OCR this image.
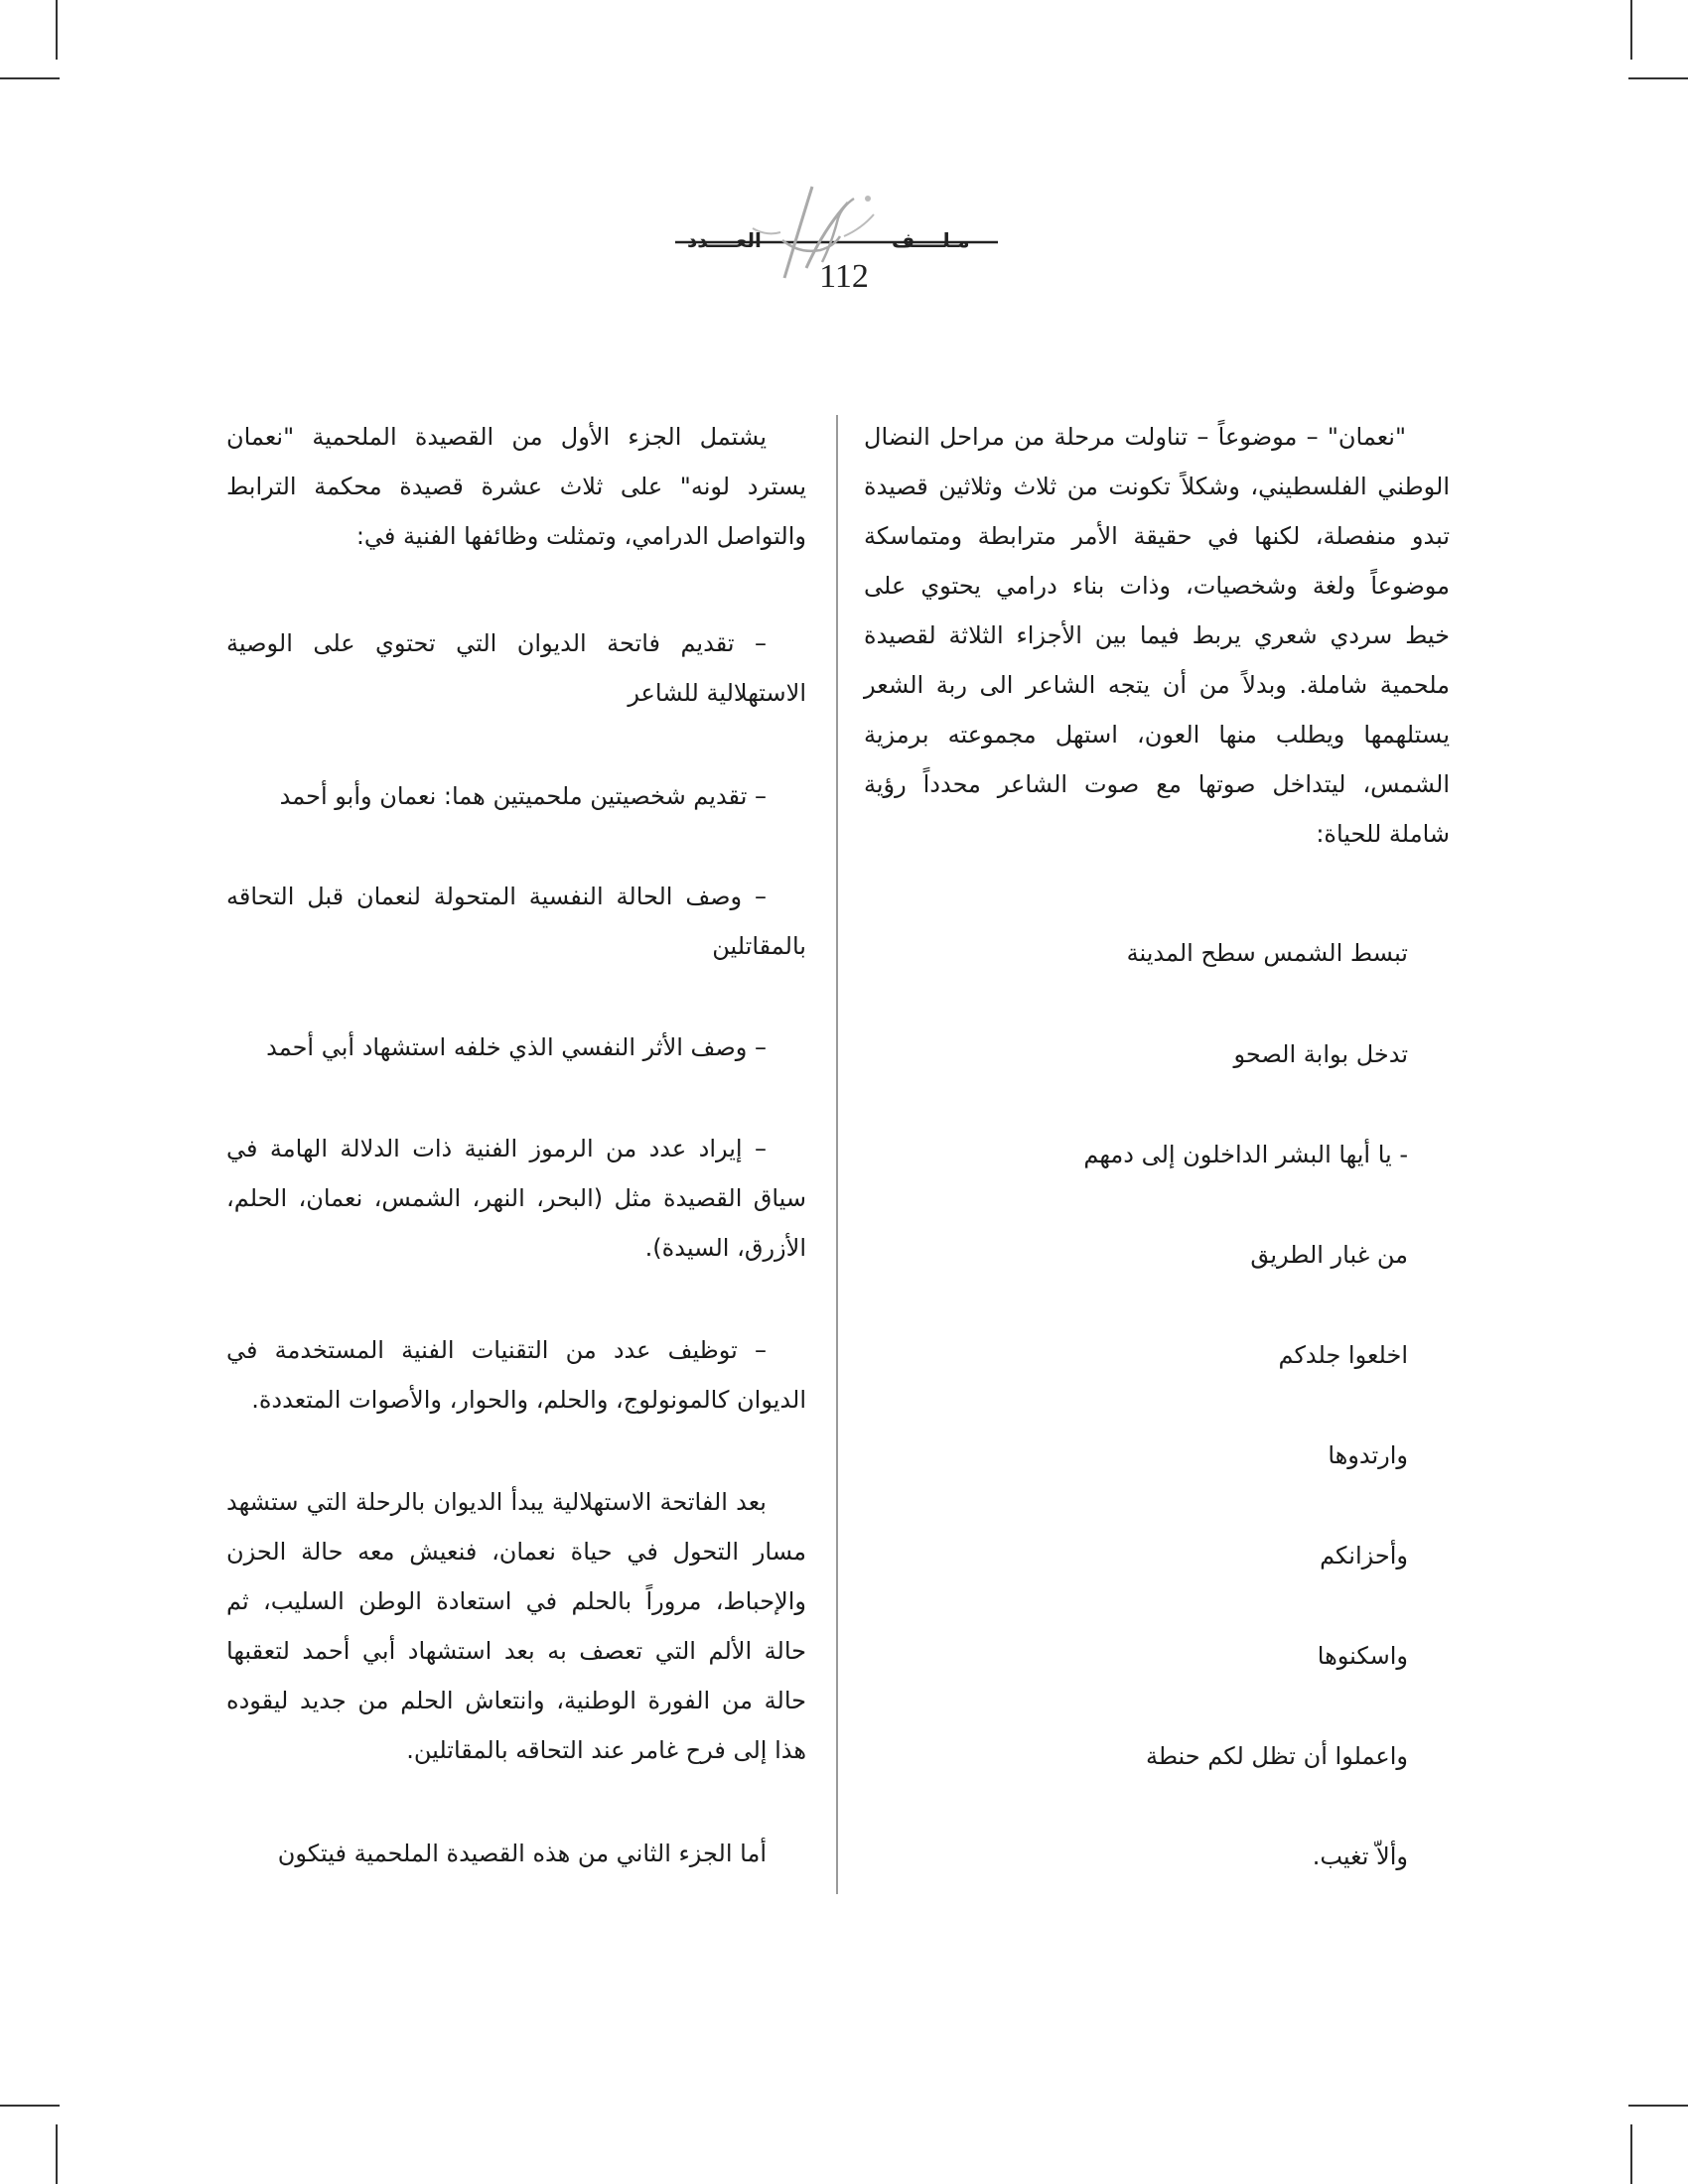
مـلــــف
العــــدد
112

"نعمان" – موضوعاً – تناولت مرحلة من مراحل النضال الوطني الفلسطيني، وشكلاً تكونت من ثلاث وثلاثين قصيدة تبدو منفصلة، لكنها في حقيقة الأمر مترابطة ومتماسكة موضوعاً ولغة وشخصيات، وذات بناء درامي يحتوي على خيط سردي شعري يربط فيما بين الأجزاء الثلاثة لقصيدة ملحمية شاملة. وبدلاً من أن يتجه الشاعر الى ربة الشعر يستلهمها ويطلب منها العون، استهل مجموعته برمزية الشمس، ليتداخل صوتها مع صوت الشاعر محدداً رؤية شاملة للحياة:

تبسط الشمس سطح المدينة
تدخل بوابة الصحو
- يا أيها البشر الداخلون إلى دمهم
من غبار الطريق
اخلعوا جلدكم
وارتدوها
وأحزانكم
واسكنوها
واعملوا أن تظل لكم حنطة
وألاّ تغيب.
يشتمل الجزء الأول من القصيدة الملحمية "نعمان يسترد لونه" على ثلاث عشرة قصيدة محكمة الترابط والتواصل الدرامي، وتمثلت وظائفها الفنية في:
– تقديم فاتحة الديوان التي تحتوي على الوصية الاستهلالية للشاعر
– تقديم شخصيتين ملحميتين هما: نعمان وأبو أحمد
– وصف الحالة النفسية المتحولة لنعمان قبل التحاقه بالمقاتلين
– وصف الأثر النفسي الذي خلفه استشهاد أبي أحمد
– إيراد عدد من الرموز الفنية ذات الدلالة الهامة في سياق القصيدة مثل (البحر، النهر، الشمس، نعمان، الحلم، الأزرق، السيدة).
– توظيف عدد من التقنيات الفنية المستخدمة في الديوان كالمونولوج، والحلم، والحوار، والأصوات المتعددة.
بعد الفاتحة الاستهلالية يبدأ الديوان بالرحلة التي ستشهد مسار التحول في حياة نعمان، فنعيش معه حالة الحزن والإحباط، مروراً بالحلم في استعادة الوطن السليب، ثم حالة الألم التي تعصف به بعد استشهاد أبي أحمد لتعقبها حالة من الفورة الوطنية، وانتعاش الحلم من جديد ليقوده هذا إلى فرح غامر عند التحاقه بالمقاتلين.
أما الجزء الثاني من هذه القصيدة الملحمية فيتكون
